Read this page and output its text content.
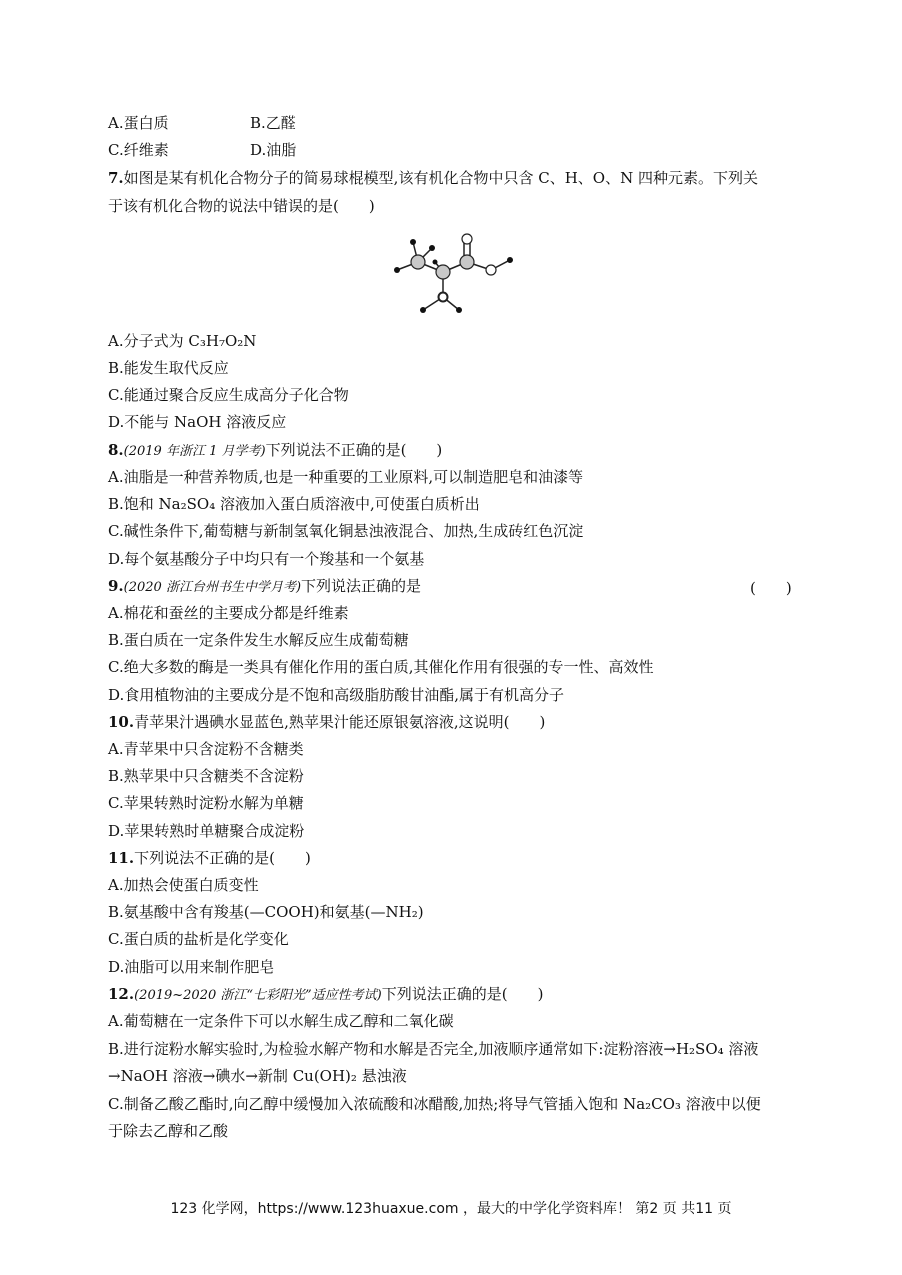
A.蛋白质	B.乙醛
C.纤维素	D.油脂
7.如图是某有机化合物分子的简易球棍模型,该有机化合物中只含 C、H、O、N 四种元素。下列关
于该有机化合物的说法中错误的是(　　)
A.分子式为 C₃H₇O₂N
B.能发生取代反应
C.能通过聚合反应生成高分子化合物
D.不能与 NaOH 溶液反应
8.(2019 年浙江 1 月学考)下列说法不正确的是(　　)
A.油脂是一种营养物质,也是一种重要的工业原料,可以制造肥皂和油漆等
B.饱和 Na₂SO₄ 溶液加入蛋白质溶液中,可使蛋白质析出
C.碱性条件下,葡萄糖与新制氢氧化铜悬浊液混合、加热,生成砖红色沉淀
D.每个氨基酸分子中均只有一个羧基和一个氨基
9.(2020 浙江台州书生中学月考)下列说法正确的是	(　　)
A.棉花和蚕丝的主要成分都是纤维素
B.蛋白质在一定条件发生水解反应生成葡萄糖
C.绝大多数的酶是一类具有催化作用的蛋白质,其催化作用有很强的专一性、高效性
D.食用植物油的主要成分是不饱和高级脂肪酸甘油酯,属于有机高分子
10.青苹果汁遇碘水显蓝色,熟苹果汁能还原银氨溶液,这说明(　　)
A.青苹果中只含淀粉不含糖类
B.熟苹果中只含糖类不含淀粉
C.苹果转熟时淀粉水解为单糖
D.苹果转熟时单糖聚合成淀粉
11.下列说法不正确的是(　　)
A.加热会使蛋白质变性
B.氨基酸中含有羧基(—COOH)和氨基(—NH₂)
C.蛋白质的盐析是化学变化
D.油脂可以用来制作肥皂
12.(2019~2020 浙江“七彩阳光”适应性考试)下列说法正确的是(　　)
A.葡萄糖在一定条件下可以水解生成乙醇和二氧化碳
B.进行淀粉水解实验时,为检验水解产物和水解是否完全,加液顺序通常如下:淀粉溶液→H₂SO₄ 溶液
→NaOH 溶液→碘水→新制 Cu(OH)₂ 悬浊液
C.制备乙酸乙酯时,向乙醇中缓慢加入浓硫酸和冰醋酸,加热;将导气管插入饱和 Na₂CO₃ 溶液中以便
于除去乙醇和乙酸
123 化学网，https://www.123huaxue.com ，最大的中学化学资料库！ 第2 页 共11 页
